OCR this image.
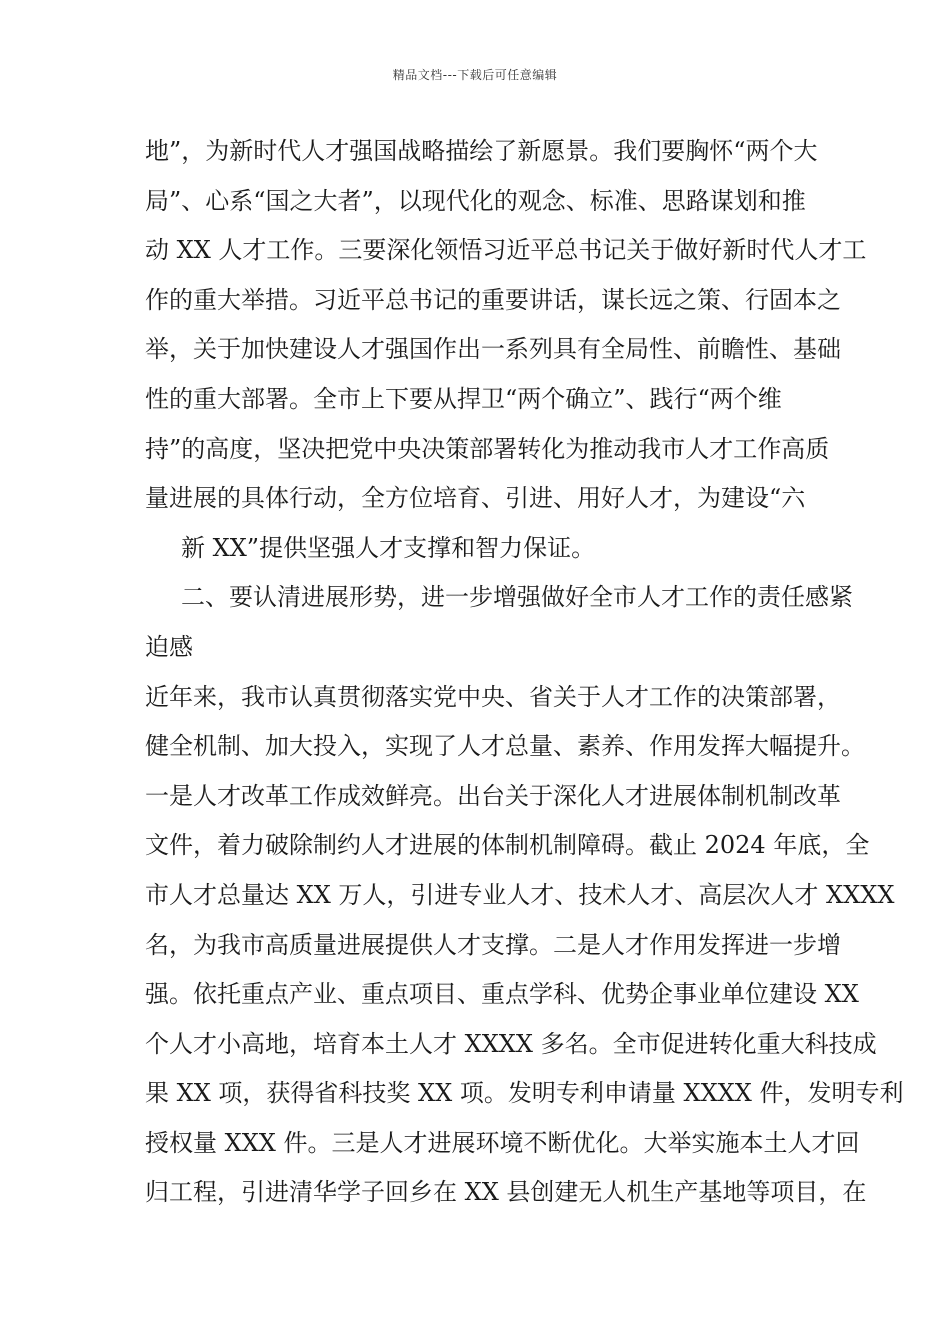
精品文档---下载后可任意编辑
地”，为新时代人才强国战略描绘了新愿景。我们要胸怀“两个大
局”、心系“国之大者”，以现代化的观念、标准、思路谋划和推
动 XX 人才工作。三要深化领悟习近平总书记关于做好新时代人才工
作的重大举措。习近平总书记的重要讲话，谋长远之策、行固本之
举，关于加快建设人才强国作出一系列具有全局性、前瞻性、基础
性的重大部署。全市上下要从捍卫“两个确立”、践行“两个维
持”的高度，坚决把党中央决策部署转化为推动我市人才工作高质
量进展的具体行动，全方位培育、引进、用好人才，为建设“六
新 XX”提供坚强人才支撑和智力保证。
二、要认清进展形势，进一步增强做好全市人才工作的责任感紧
迫感
近年来，我市认真贯彻落实党中央、省关于人才工作的决策部署，
健全机制、加大投入，实现了人才总量、素养、作用发挥大幅提升。
一是人才改革工作成效鲜亮。出台关于深化人才进展体制机制改革
文件，着力破除制约人才进展的体制机制障碍。截止 2024 年底，全
市人才总量达 XX 万人，引进专业人才、技术人才、高层次人才 XXXX
名，为我市高质量进展提供人才支撑。二是人才作用发挥进一步增
强。依托重点产业、重点项目、重点学科、优势企事业单位建设 XX
个人才小高地，培育本土人才 XXXX 多名。全市促进转化重大科技成
果 XX 项，获得省科技奖 XX 项。发明专利申请量 XXXX 件，发明专利
授权量 XXX 件。三是人才进展环境不断优化。大举实施本土人才回
归工程，引进清华学子回乡在 XX 县创建无人机生产基地等项目，在
